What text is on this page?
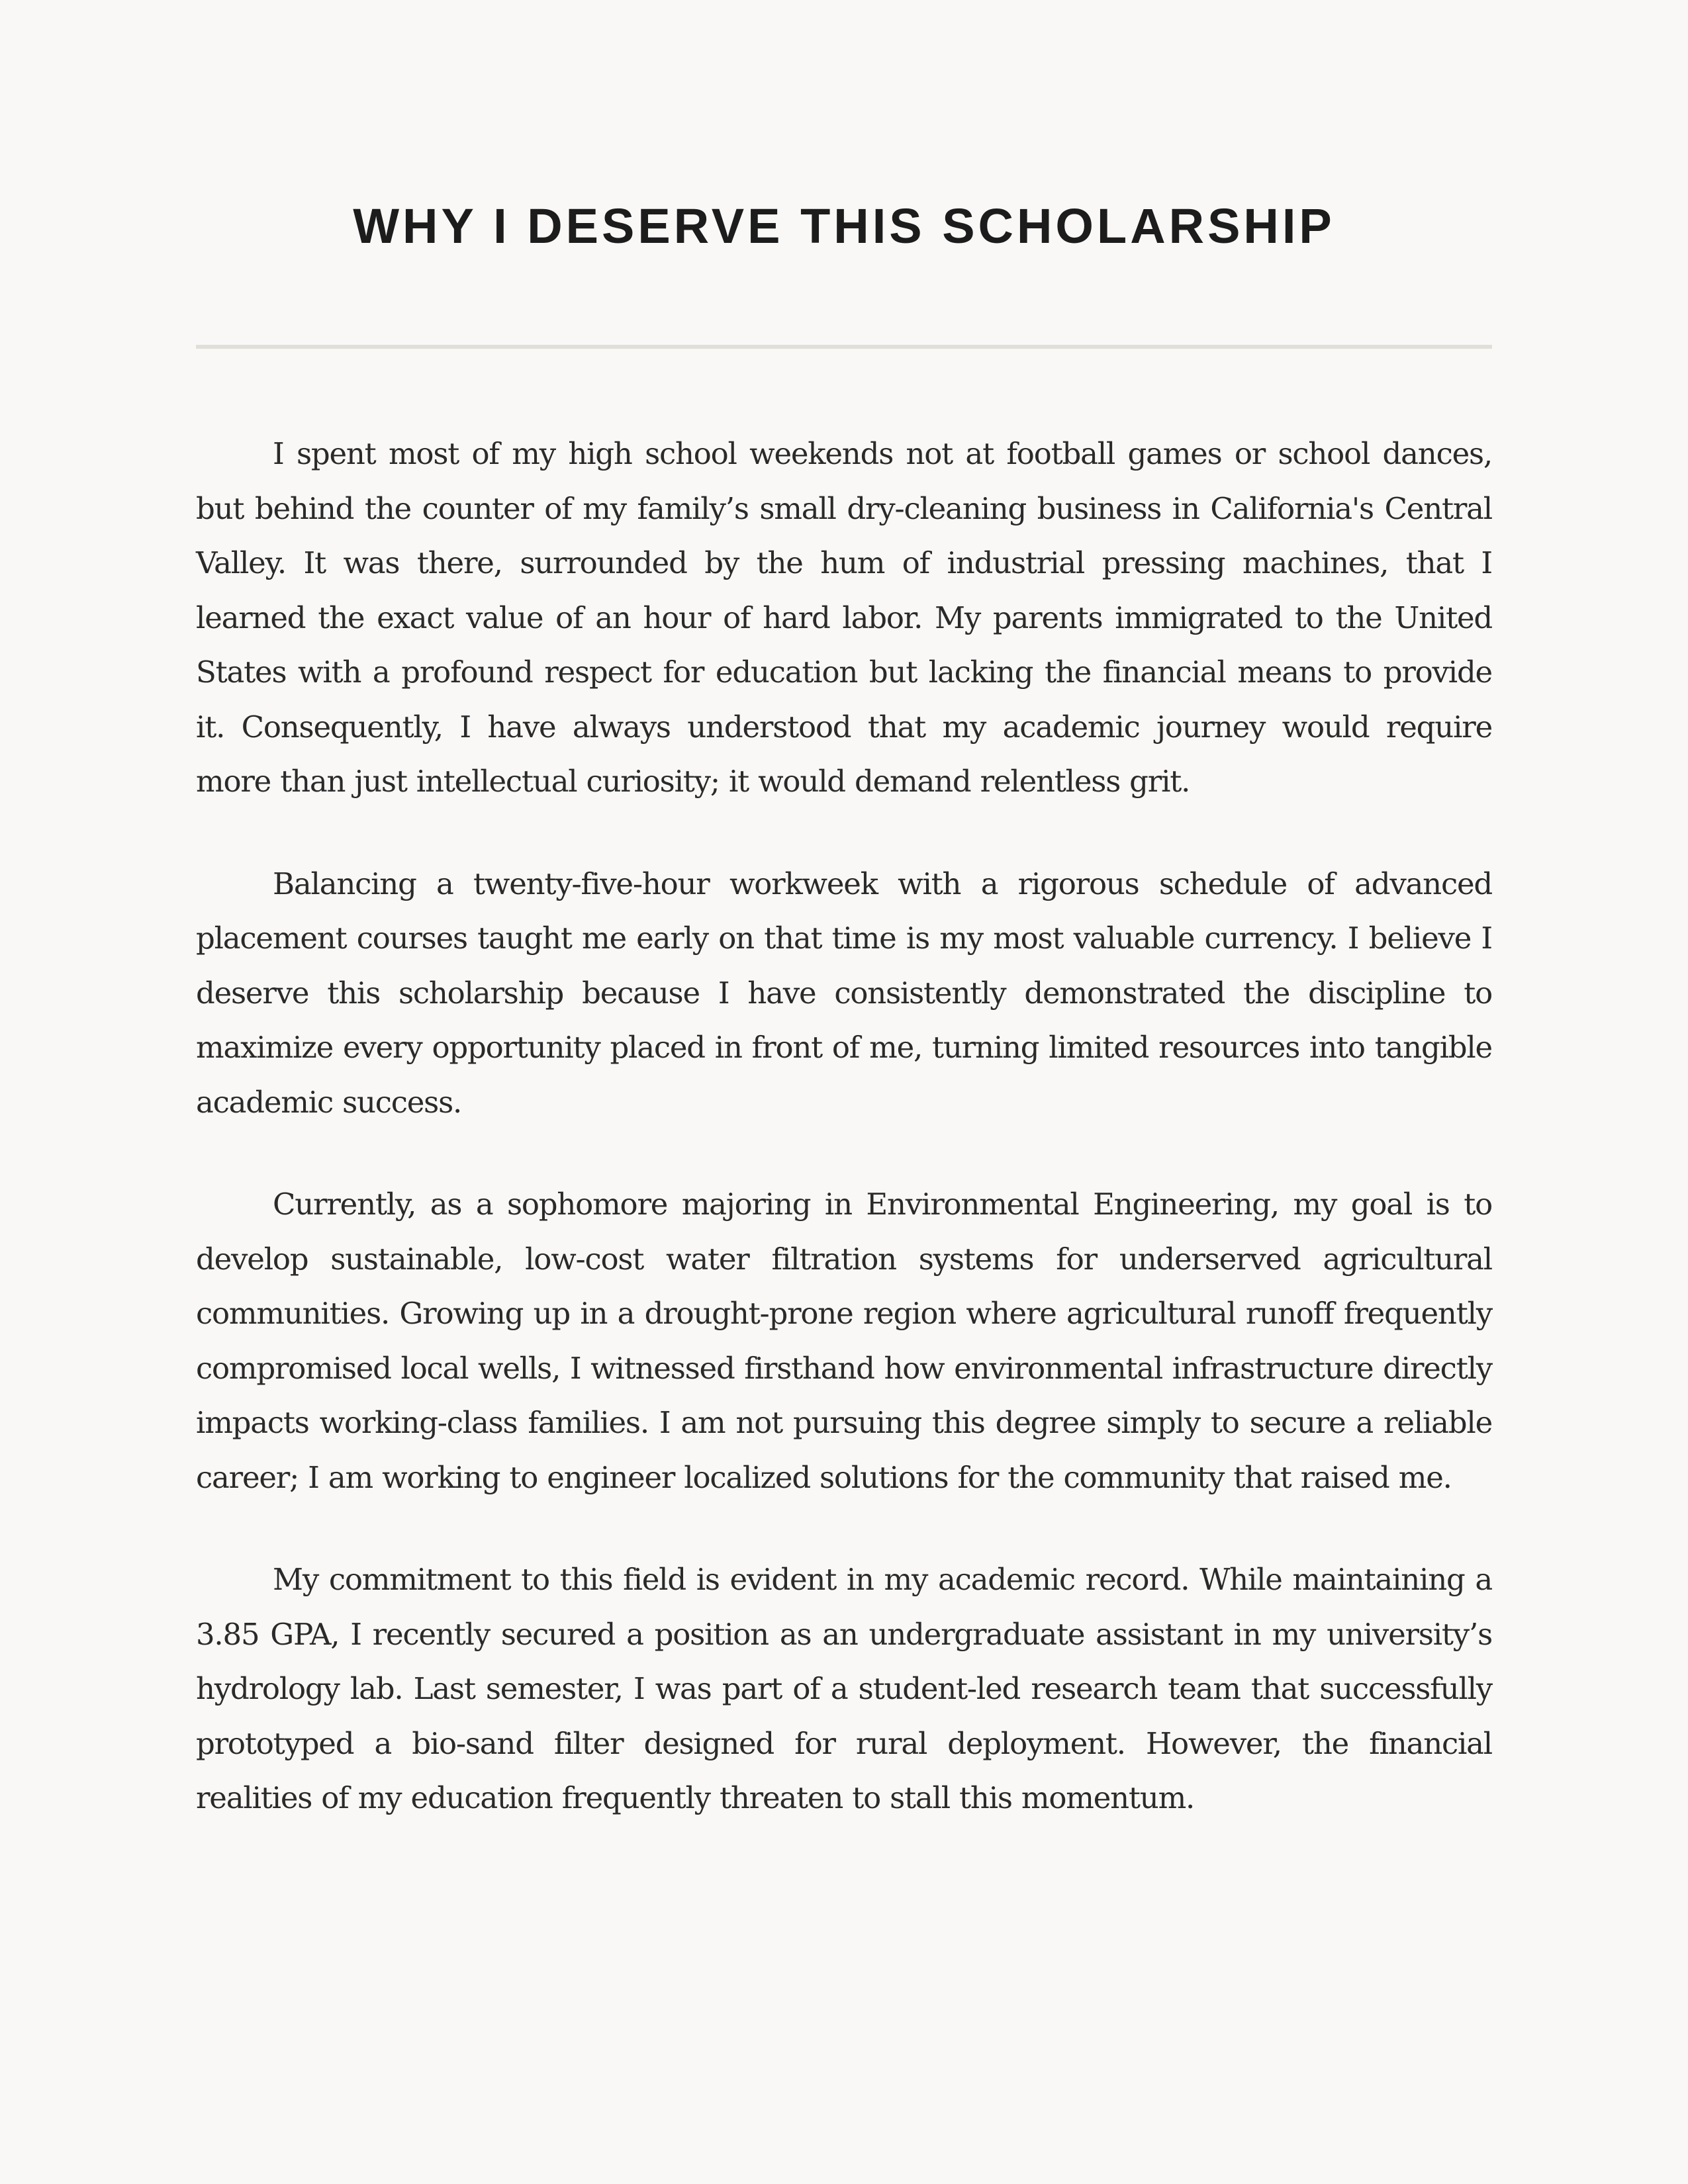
WHY I DESERVE THIS SCHOLARSHIP

I spent most of my high school weekends not at football games or school dances, but behind the counter of my family’s small dry-cleaning business in California's Central Valley. It was there, surrounded by the hum of industrial pressing machines, that I learned the exact value of an hour of hard labor. My parents immigrated to the United States with a profound respect for education but lacking the financial means to provide it. Consequently, I have always understood that my academic journey would require more than just intellectual curiosity; it would demand relentless grit.

Balancing a twenty-five-hour workweek with a rigorous schedule of advanced placement courses taught me early on that time is my most valuable currency. I believe I deserve this scholarship because I have consistently demonstrated the discipline to maximize every opportunity placed in front of me, turning limited resources into tangible academic success.

Currently, as a sophomore majoring in Environmental Engineering, my goal is to develop sustainable, low-cost water filtration systems for underserved agricultural communities. Growing up in a drought-prone region where agricultural runoff frequently compromised local wells, I witnessed firsthand how environmental infrastructure directly impacts working-class families. I am not pursuing this degree simply to secure a reliable career; I am working to engineer localized solutions for the community that raised me.

My commitment to this field is evident in my academic record. While maintaining a 3.85 GPA, I recently secured a position as an undergraduate assistant in my university’s hydrology lab. Last semester, I was part of a student-led research team that successfully prototyped a bio-sand filter designed for rural deployment. However, the financial realities of my education frequently threaten to stall this momentum.
